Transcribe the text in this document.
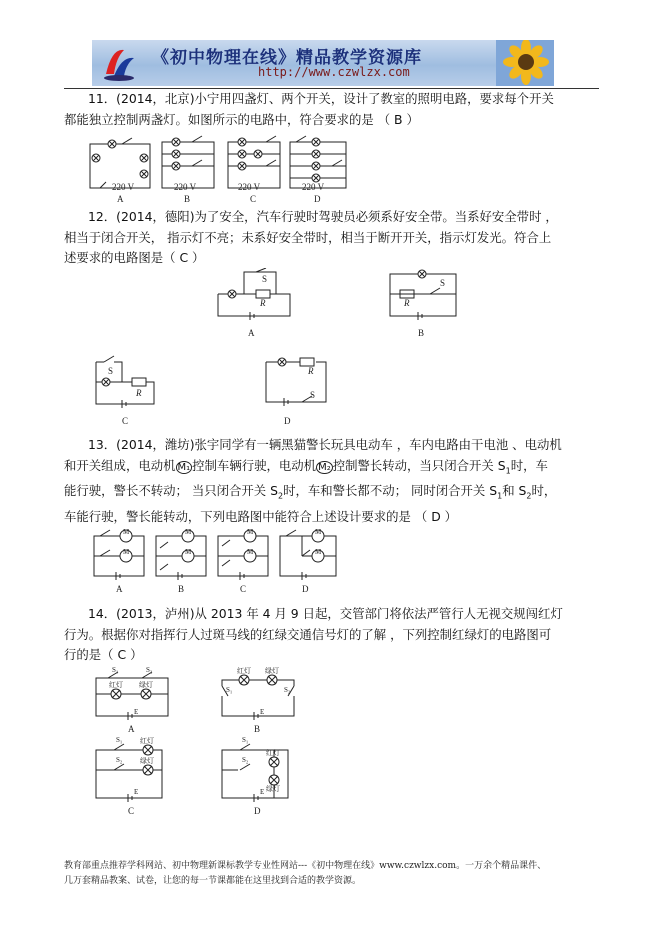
《初中物理在线》精品教学资源库
http://www.czwlzx.com

11．(2014，北京)小宁用四盏灯、两个开关，设计了教室的照明电路，要求每个开关

都能独立控制两盏灯。如图所示的电路中，符合要求的是 （ B ）

220 V	220 V	220 V	220 V
A	B	C	D

12．(2014，德阳)为了安全，汽车行驶时驾驶员必须系好安全带。当系好安全带时 ，

相当于闭合开关， 指示灯不亮；未系好安全带时，相当于断开开关，指示灯发光。符合上

述要求的电路图是（ C ）

S
R
A
R
S
B
S
R
C
R
S
D

13．(2014，潍坊)张宇同学有一辆黑猫警长玩具电动车 ，车内电路由干电池 、电动机

和开关组成，电动机 M₁ 控制车辆行驶，电动机 M₂ 控制警长转动，当只闭合开关 $S_1$时，车

能行驶，警长不转动； 当只闭合开关 $S_2$时，车和警长都不动； 同时闭合开关 $S_1$和 $S_2$时，

车能行驶，警长能转动，下列电路图中能符合上述设计要求的是 （ D ）

M
M
M
M
M
M
M
M
A	B	C	D

14．(2013，泸州)从 2013 年 4 月 9 日起，交管部门将依法严管行人无视交规闯红灯

行为。根据你对指挥行人过斑马线的红绿交通信号灯的了解 ，下列控制红绿灯的电路图可

行的是（ C ）

S₁	S₂
红灯 绿灯
E
A
红灯 绿灯
S₁	S₂
E
B
S₁
S₂
红灯
绿灯
E
C
S₁
S₂
红灯
绿灯
E
D
教育部重点推荐学科网站、初中物理新课标教学专业性网站---《初中物理在线》www.czwlzx.com。一万余个精品课件、
几万套精品教案、试卷，让您的每一节课都能在这里找到合适的教学资源。
